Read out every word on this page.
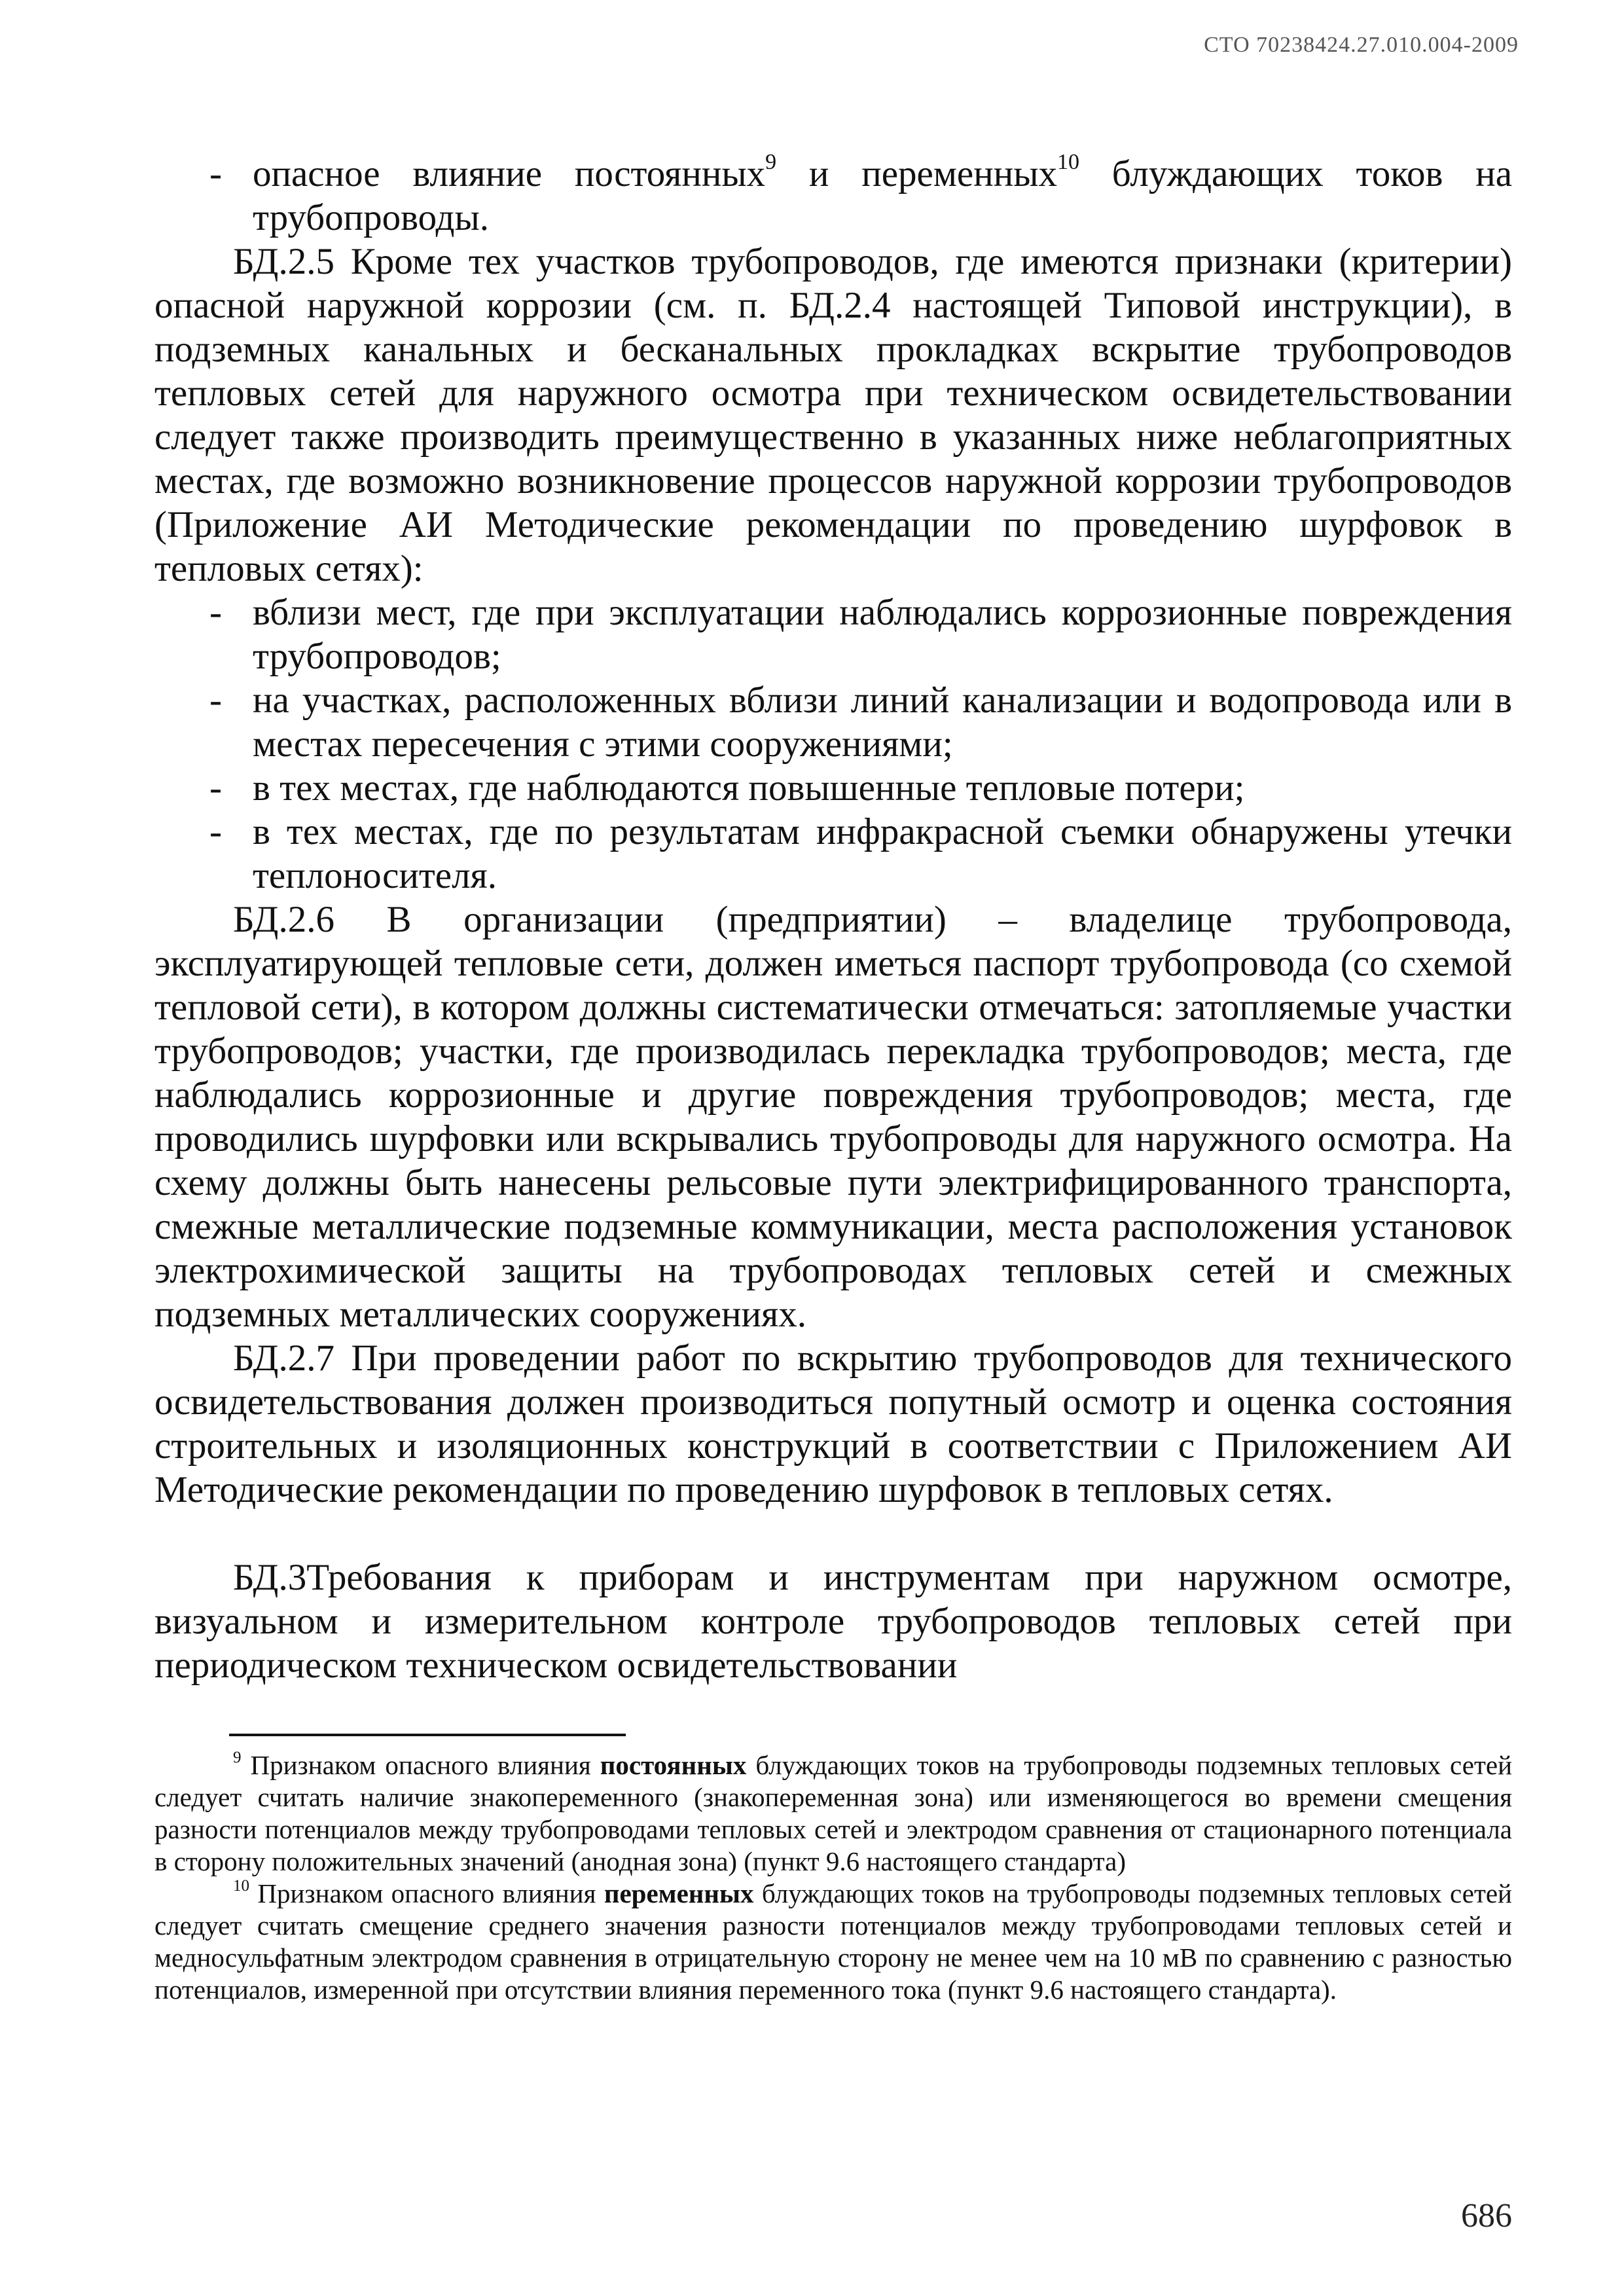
СТО 70238424.27.010.004-2009

- опасное влияние постоянных$^9$ и переменных$^{10}$ блуждающих токов на трубопроводы.

БД.2.5 Кроме тех участков трубопроводов, где имеются признаки (критерии) опасной наружной коррозии (см. п. БД.2.4 настоящей Типовой инструкции), в подземных канальных и бесканальных прокладках вскрытие трубопроводов тепловых сетей для наружного осмотра при техническом освидетельствовании следует также производить преимущественно в указанных ниже неблагоприятных местах, где возможно возникновение процессов наружной коррозии трубопроводов (Приложение АИ Методические рекомендации по проведению шурфовок в тепловых сетях):

- вблизи мест, где при эксплуатации наблюдались коррозионные повреждения трубопроводов;

- на участках, расположенных вблизи линий канализации и водопровода или в местах пересечения с этими сооружениями;

- в тех местах, где наблюдаются повышенные тепловые потери;

- в тех местах, где по результатам инфракрасной съемки обнаружены утечки теплоносителя.

БД.2.6 В организации (предприятии) – владелице трубопровода, эксплуатирующей тепловые сети, должен иметься паспорт трубопровода (со схемой тепловой сети), в котором должны систематически отмечаться: затопляемые участки трубопроводов; участки, где производилась перекладка трубопроводов; места, где наблюдались коррозионные и другие повреждения трубопроводов; места, где проводились шурфовки или вскрывались трубопроводы для наружного осмотра. На схему должны быть нанесены рельсовые пути электрифицированного транспорта, смежные металлические подземные коммуникации, места расположения установок электрохимической защиты на трубопроводах тепловых сетей и смежных подземных металлических сооружениях.

БД.2.7 При проведении работ по вскрытию трубопроводов для технического освидетельствования должен производиться попутный осмотр и оценка состояния строительных и изоляционных конструкций в соответствии с Приложением АИ Методические рекомендации по проведению шурфовок в тепловых сетях.

БД.3Требования к приборам и инструментам при наружном осмотре, визуальном и измерительном контроле трубопроводов тепловых сетей при периодическом техническом освидетельствовании

$^9$ Признаком опасного влияния постоянных блуждающих токов на трубопроводы подземных тепловых сетей следует считать наличие знакопеременного (знакопеременная зона) или изменяющегося во времени смещения разности потенциалов между трубопроводами тепловых сетей и электродом сравнения от стационарного потенциала в сторону положительных значений (анодная зона) (пункт 9.6 настоящего стандарта)

$^{10}$ Признаком опасного влияния переменных блуждающих токов на трубопроводы подземных тепловых сетей следует считать смещение среднего значения разности потенциалов между трубопроводами тепловых сетей и медносульфатным электродом сравнения в отрицательную сторону не менее чем на 10 мВ по сравнению с разностью потенциалов, измеренной при отсутствии влияния переменного тока (пункт 9.6 настоящего стандарта).

686
